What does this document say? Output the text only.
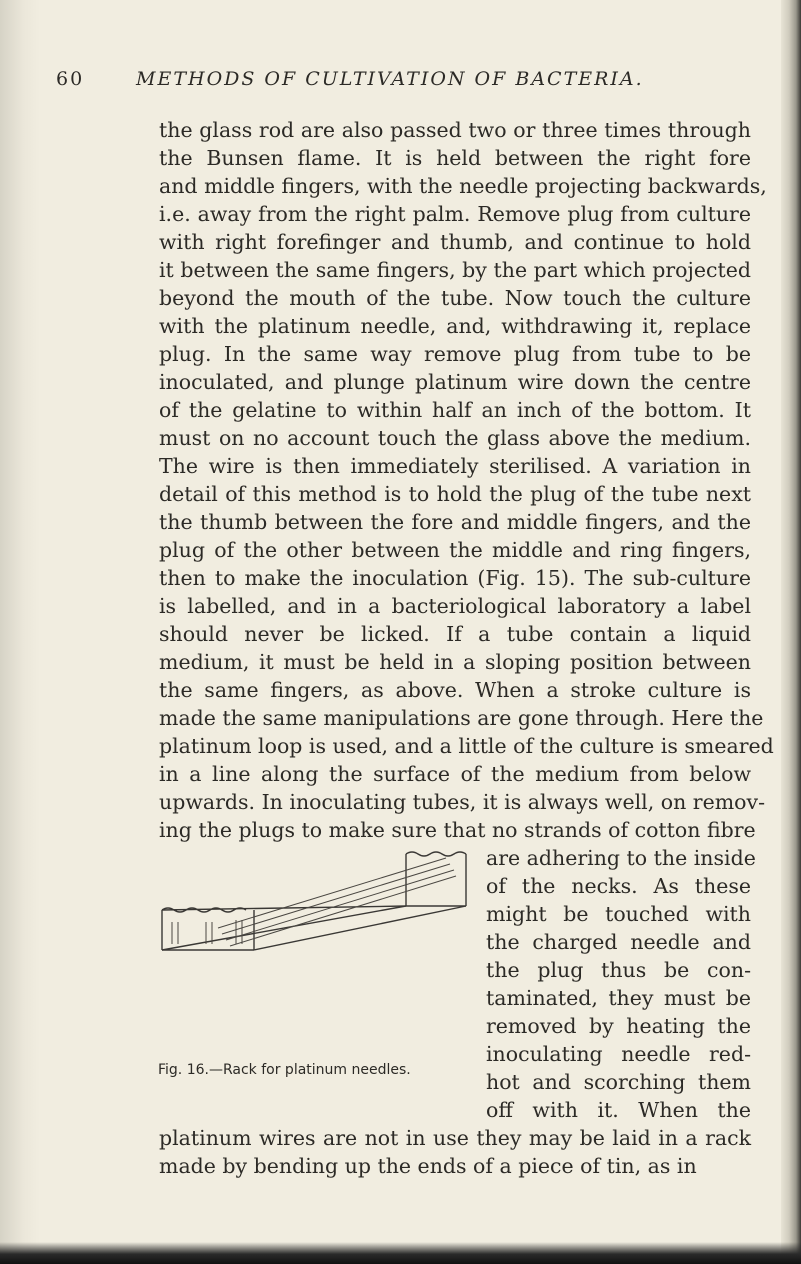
60	METHODS OF CULTIVATION OF BACTERIA.
the glass rod are also passed two or three times through
the Bunsen flame. It is held between the right fore
and middle fingers, with the needle projecting backwards,
i.e. away from the right palm. Remove plug from culture
with right forefinger and thumb, and continue to hold
it between the same fingers, by the part which projected
beyond the mouth of the tube. Now touch the culture
with the platinum needle, and, withdrawing it, replace
plug. In the same way remove plug from tube to be
inoculated, and plunge platinum wire down the centre
of the gelatine to within half an inch of the bottom. It
must on no account touch the glass above the medium.
The wire is then immediately sterilised. A variation in
detail of this method is to hold the plug of the tube next
the thumb between the fore and middle fingers, and the
plug of the other between the middle and ring fingers,
then to make the inoculation (Fig. 15). The sub-culture
is labelled, and in a bacteriological laboratory a label
should never be licked. If a tube contain a liquid
medium, it must be held in a sloping position between
the same fingers, as above. When a stroke culture is
made the same manipulations are gone through. Here the
platinum loop is used, and a little of the culture is smeared
in a line along the surface of the medium from below
upwards. In inoculating tubes, it is always well, on remov-
ing the plugs to make sure that no strands of cotton fibre
are adhering to the inside
of the necks. As these
might be touched with
the charged needle and
the plug thus be con-
taminated, they must be
removed by heating the
inoculating needle red-
hot and scorching them
off with it. When the
platinum wires are not in use they may be laid in a rack
made by bending up the ends of a piece of tin, as in
Fig. 16.—Rack for platinum needles.
